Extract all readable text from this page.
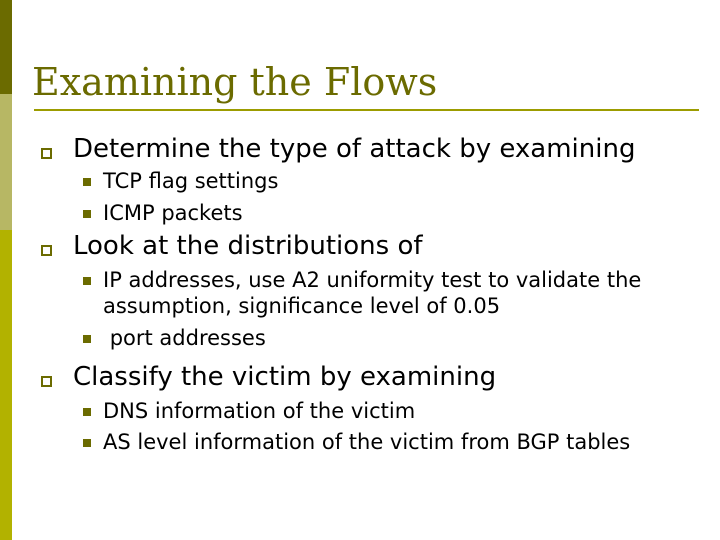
Examining the Flows
Determine the type of attack by examining
TCP flag settings
ICMP packets
Look at the distributions of
IP addresses, use A2 uniformity test to validate the assumption, significance level of 0.05
port addresses
Classify the victim by examining
DNS information of the victim
AS level information of the victim from BGP tables
